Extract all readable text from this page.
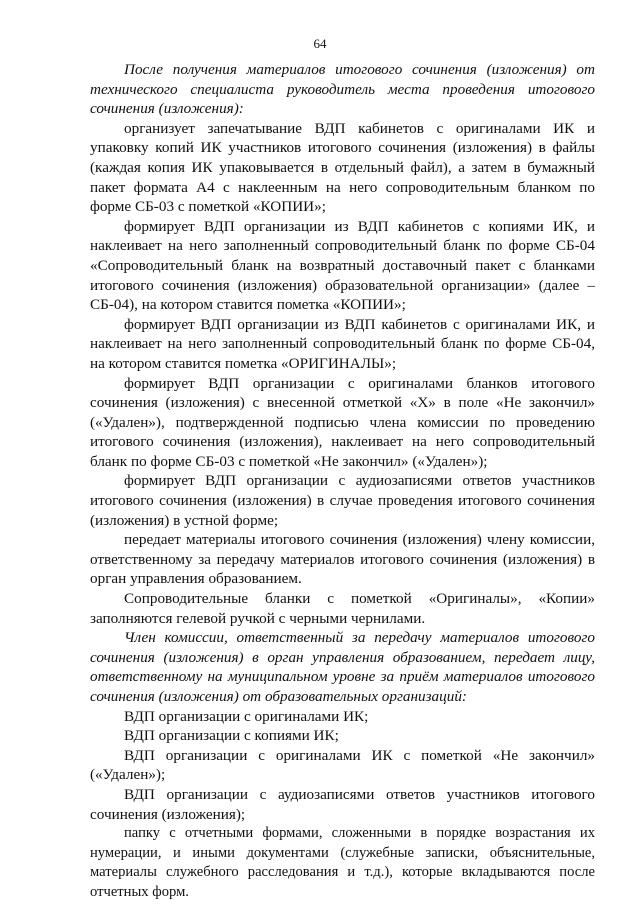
64

После получения материалов итогового сочинения (изложения) от технического специалиста руководитель места проведения итогового сочинения (изложения):

организует запечатывание ВДП кабинетов с оригиналами ИК и упаковку копий ИК участников итогового сочинения (изложения) в файлы (каждая копия ИК упаковывается в отдельный файл), а затем в бумажный пакет формата А4 с наклеенным на него сопроводительным бланком по форме СБ-03 с пометкой «КОПИИ»;

формирует ВДП организации из ВДП кабинетов с копиями ИК, и наклеивает на него заполненный сопроводительный бланк по форме СБ-04 «Сопроводительный бланк на возвратный доставочный пакет с бланками итогового сочинения (изложения) образовательной организации» (далее – СБ-04), на котором ставится пометка «КОПИИ»;

формирует ВДП организации из ВДП кабинетов с оригиналами ИК, и наклеивает на него заполненный сопроводительный бланк по форме СБ-04, на котором ставится пометка «ОРИГИНАЛЫ»;

формирует ВДП организации с оригиналами бланков итогового сочинения (изложения) с внесенной отметкой «Х» в поле «Не закончил» («Удален»), подтвержденной подписью члена комиссии по проведению итогового сочинения (изложения), наклеивает на него сопроводительный бланк по форме СБ-03 с пометкой «Не закончил» («Удален»);

формирует ВДП организации с аудиозаписями ответов участников итогового сочинения (изложения) в случае проведения итогового сочинения (изложения) в устной форме;

передает материалы итогового сочинения (изложения) члену комиссии, ответственному за передачу материалов итогового сочинения (изложения) в орган управления образованием.

Сопроводительные бланки с пометкой «Оригиналы», «Копии» заполняются гелевой ручкой с черными чернилами.

Член комиссии, ответственный за передачу материалов итогового сочинения (изложения) в орган управления образованием, передает лицу, ответственному на муниципальном уровне за приём материалов итогового сочинения (изложения) от образовательных организаций:

ВДП организации с оригиналами ИК;

ВДП организации с копиями ИК;

ВДП организации с оригиналами ИК с пометкой «Не закончил» («Удален»);

ВДП организации с аудиозаписями ответов участников итогового сочинения (изложения);

папку с отчетными формами, сложенными в порядке возрастания их нумерации, и иными документами (служебные записки, объяснительные, материалы служебного расследования и т.д.), которые вкладываются после отчетных форм.
